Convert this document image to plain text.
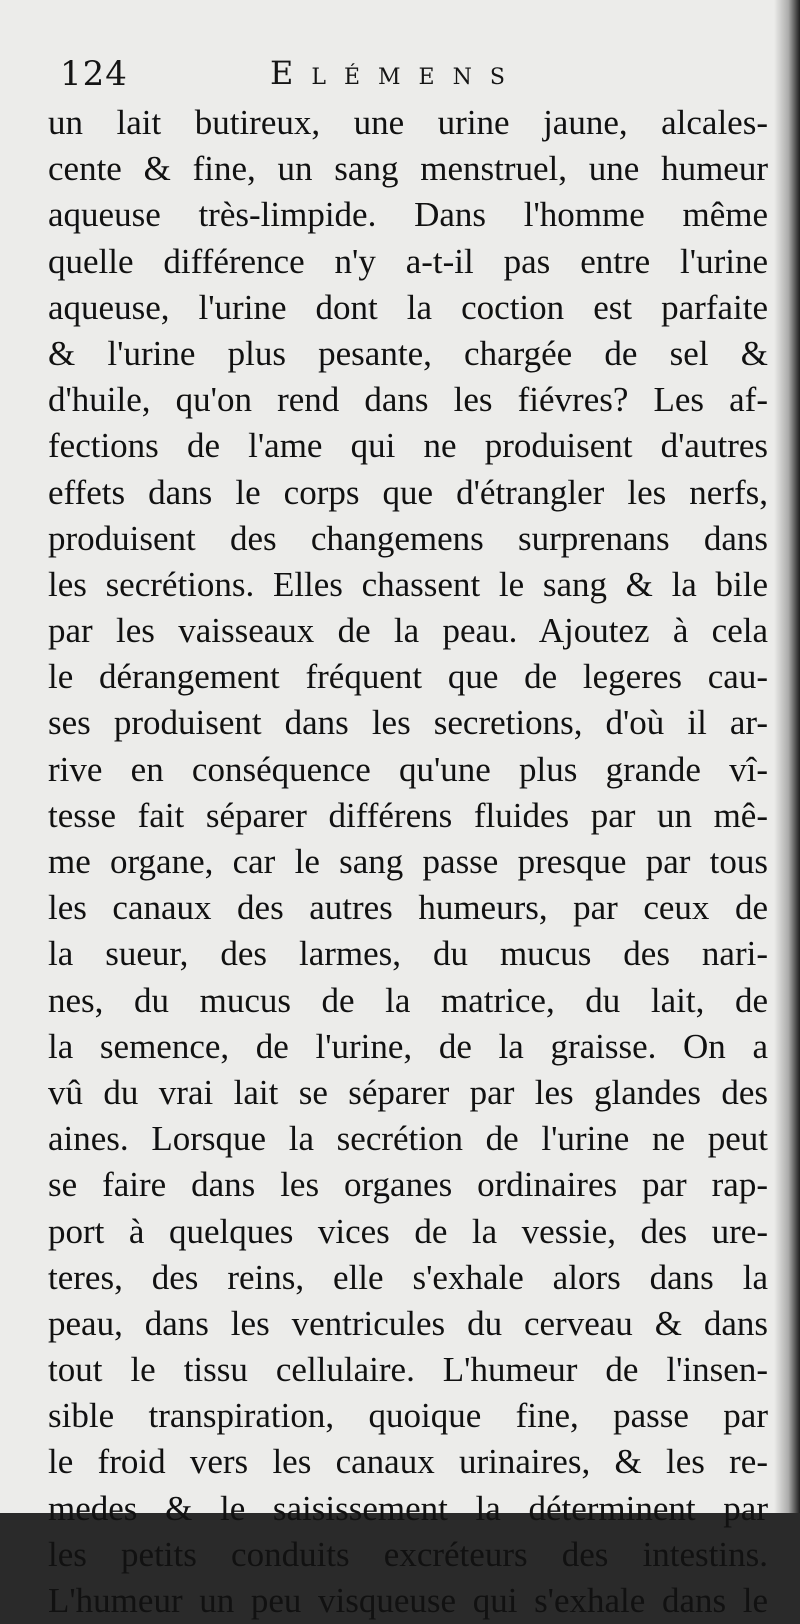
124	Elémens
un lait butireux, une urine jaune, alcales-
cente & fine, un sang menstruel, une humeur
aqueuse très-limpide. Dans l'homme même
quelle différence n'y a-t-il pas entre l'urine
aqueuse, l'urine dont la coction est parfaite
& l'urine plus pesante, chargée de sel &
d'huile, qu'on rend dans les fiévres? Les af-
fections de l'ame qui ne produisent d'autres
effets dans le corps que d'étrangler les nerfs,
produisent des changemens surprenans dans
les secrétions. Elles chassent le sang & la bile
par les vaisseaux de la peau. Ajoutez à cela
le dérangement fréquent que de legeres cau-
ses produisent dans les secretions, d'où il ar-
rive en conséquence qu'une plus grande vî-
tesse fait séparer différens fluides par un mê-
me organe, car le sang passe presque par tous
les canaux des autres humeurs, par ceux de
la sueur, des larmes, du mucus des nari-
nes, du mucus de la matrice, du lait, de
la semence, de l'urine, de la graisse. On a
vû du vrai lait se séparer par les glandes des
aines. Lorsque la secrétion de l'urine ne peut
se faire dans les organes ordinaires par rap-
port à quelques vices de la vessie, des ure-
teres, des reins, elle s'exhale alors dans la
peau, dans les ventricules du cerveau & dans
tout le tissu cellulaire. L'humeur de l'insen-
sible transpiration, quoique fine, passe par
le froid vers les canaux urinaires, & les re-
medes & le saisissement la déterminent par
les petits conduits excréteurs des intestins.
L'humeur un peu visqueuse qui s'exhale dans le
